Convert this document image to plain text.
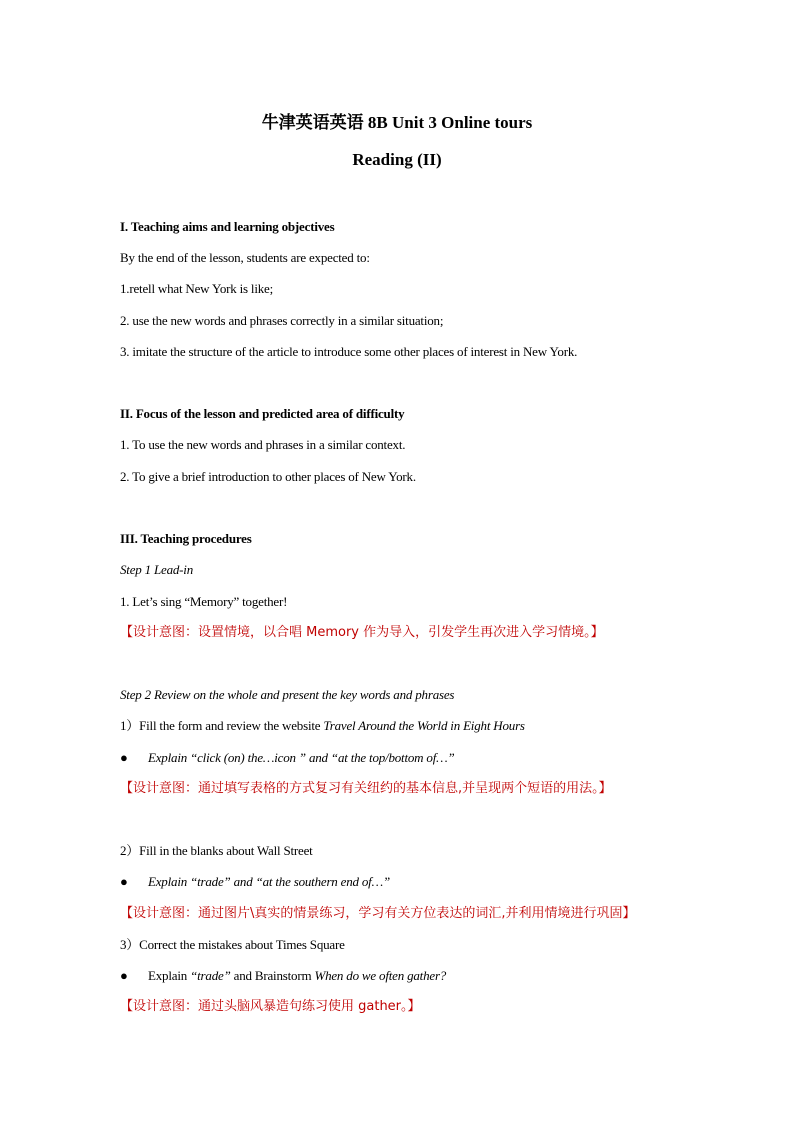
牛津英语英语 8B Unit 3 Online tours
Reading (II)
I. Teaching aims and learning objectives
By the end of the lesson, students are expected to:
1.retell what New York is like;
2. use the new words and phrases correctly in a similar situation;
3. imitate the structure of the article to introduce some other places of interest in New York.
II. Focus of the lesson and predicted area of difficulty
1. To use the new words and phrases in a similar context.
2. To give a brief introduction to other places of New York.
III. Teaching procedures
Step 1 Lead-in
1. Let’s sing “Memory” together!
【设计意图：设置情境，以合唱 Memory 作为导入，引发学生再次进入学习情境。】
Step 2 Review on the whole and present the key words and phrases
1）Fill the form and review the website Travel Around the World in Eight Hours
● Explain “click (on) the…icon ” and “at the top/bottom of…”
【设计意图：通过填写表格的方式复习有关纽约的基本信息,并呈现两个短语的用法。】
2）Fill in the blanks about Wall Street
● Explain “trade” and “at the southern end of…”
【设计意图：通过图片\真实的情景练习，学习有关方位表达的词汇,并利用情境进行巩固】
3）Correct the mistakes about Times Square
● Explain “trade” and Brainstorm When do we often gather?
【设计意图：通过头脑风暴造句练习使用 gather。】
